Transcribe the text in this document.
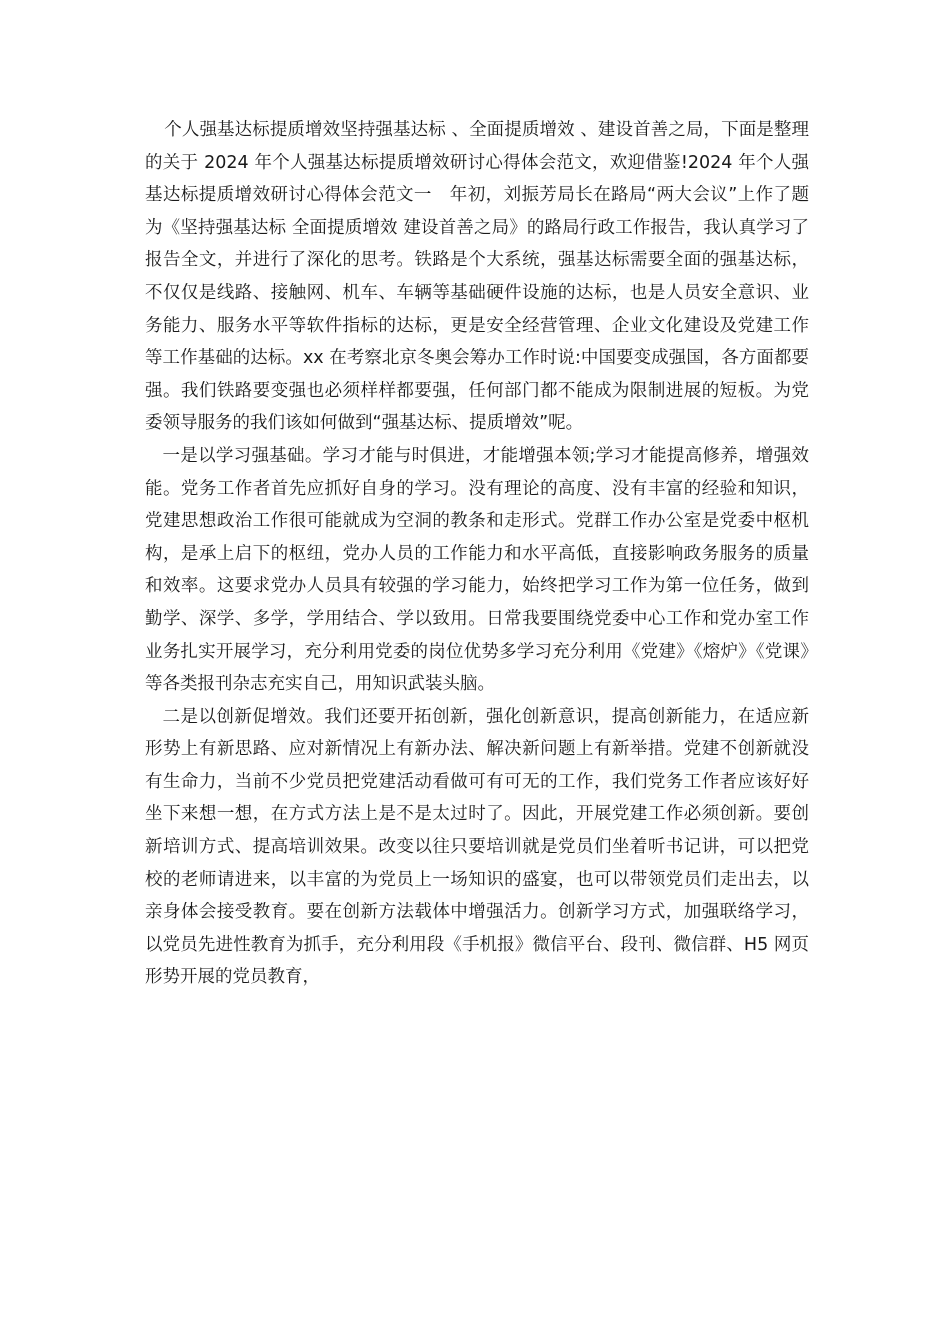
个人强基达标提质增效坚持强基达标 、全面提质增效 、建设首善之局，下面是整理的关于 2024 年个人强基达标提质增效研讨心得体会范文，欢迎借鉴!2024 年个人强基达标提质增效研讨心得体会范文一　年初，刘振芳局长在路局“两大会议”上作了题为《坚持强基达标 全面提质增效 建设首善之局》的路局行政工作报告，我认真学习了报告全文，并进行了深化的思考。铁路是个大系统，强基达标需要全面的强基达标，不仅仅是线路、接触网、机车、车辆等基础硬件设施的达标，也是人员安全意识、业务能力、服务水平等软件指标的达标，更是安全经营管理、企业文化建设及党建工作等工作基础的达标。xx 在考察北京冬奥会筹办工作时说:中国要变成强国，各方面都要强。我们铁路要变强也必须样样都要强，任何部门都不能成为限制进展的短板。为党委领导服务的我们该如何做到“强基达标、提质增效”呢。

一是以学习强基础。学习才能与时俱进，才能增强本领;学习才能提高修养，增强效能。党务工作者首先应抓好自身的学习。没有理论的高度、没有丰富的经验和知识，党建思想政治工作很可能就成为空洞的教条和走形式。党群工作办公室是党委中枢机构，是承上启下的枢纽，党办人员的工作能力和水平高低，直接影响政务服务的质量和效率。这要求党办人员具有较强的学习能力，始终把学习工作为第一位任务，做到勤学、深学、多学，学用结合、学以致用。日常我要围绕党委中心工作和党办室工作业务扎实开展学习，充分利用党委的岗位优势多学习充分利用《党建》《熔炉》《党课》等各类报刊杂志充实自己，用知识武装头脑。

二是以创新促增效。我们还要开拓创新，强化创新意识，提高创新能力，在适应新形势上有新思路、应对新情况上有新办法、解决新问题上有新举措。党建不创新就没有生命力，当前不少党员把党建活动看做可有可无的工作，我们党务工作者应该好好坐下来想一想，在方式方法上是不是太过时了。因此，开展党建工作必须创新。要创新培训方式、提高培训效果。改变以往只要培训就是党员们坐着听书记讲，可以把党校的老师请进来，以丰富的为党员上一场知识的盛宴，也可以带领党员们走出去，以亲身体会接受教育。要在创新方法载体中增强活力。创新学习方式，加强联络学习，以党员先进性教育为抓手，充分利用段《手机报》微信平台、段刊、微信群、H5 网页形势开展的党员教育，
